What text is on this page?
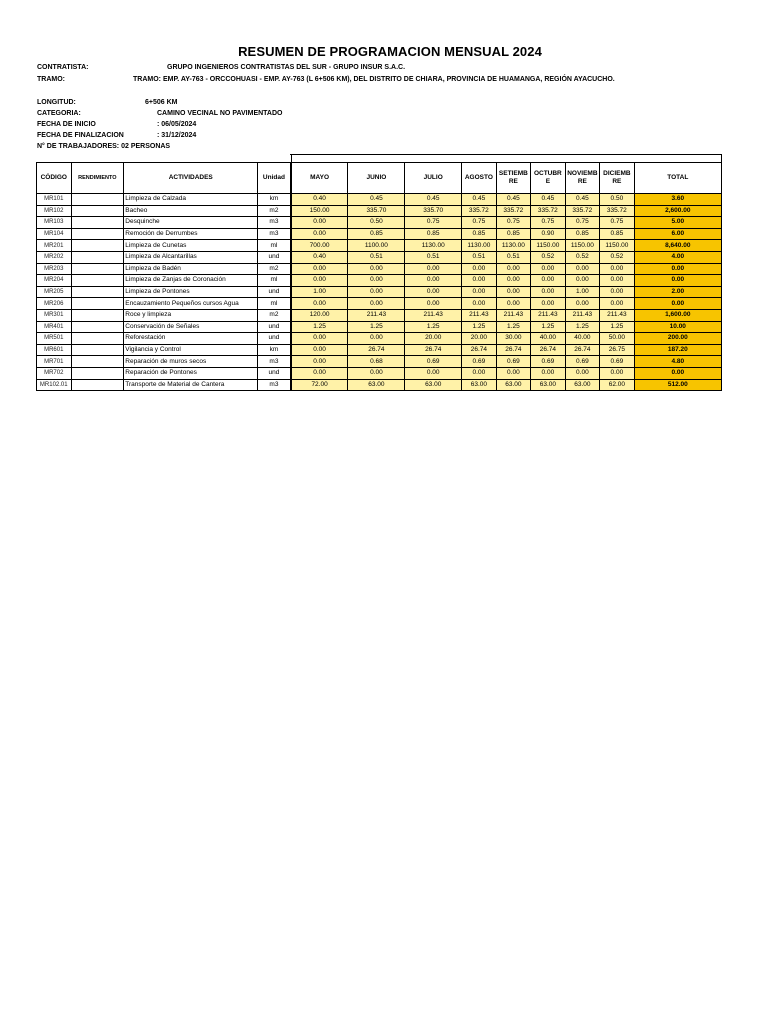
RESUMEN DE PROGRAMACION MENSUAL 2024
CONTRATISTA:	GRUPO INGENIEROS CONTRATISTAS DEL SUR - GRUPO INSUR S.A.C.
TRAMO:	TRAMO: EMP. AY-763 - ORCCOHUASI - EMP. AY-763 (L 6+506 KM), DEL DISTRITO DE CHIARA, PROVINCIA DE HUAMANGA, REGIÓN AYACUCHO.
LONGITUD:	6+506 KM
CATEGORIA:	CAMINO VECINAL NO PAVIMENTADO
FECHA DE INICIO	: 06/05/2024
FECHA DE FINALIZACION	: 31/12/2024
N° DE TRABAJADORES: 02 PERSONAS

CÓDIGO	RENDIMIENTO	ACTIVIDADES	Unidad		MAYO	JUNIO	JULIO	AGOSTO	SETIEMB RE	OCTUBR E	NOVIEMB RE	DICIEMB RE	TOTAL
MR101		Limpieza de Calzada	km		0.40	0.45	0.45	0.45	0.45	0.45	0.45	0.50	3.60
MR102		Bacheo	m2		150.00	335.70	335.70	335.72	335.72	335.72	335.72	335.72	2,600.00
MR103		Desquinche	m3		0.00	0.50	0.75	0.75	0.75	0.75	0.75	0.75	5.00
MR104		Remoción de Derrumbes	m3		0.00	0.85	0.85	0.85	0.85	0.90	0.85	0.85	6.00
MR201		Limpieza de Cunetas	ml		700.00	1100.00	1130.00	1130.00	1130.00	1150.00	1150.00	1150.00	8,640.00
MR202		Limpieza de Alcantarillas	und		0.40	0.51	0.51	0.51	0.51	0.52	0.52	0.52	4.00
MR203		Limpieza de Badén	m2		0.00	0.00	0.00	0.00	0.00	0.00	0.00	0.00	0.00
MR204		Limpieza de Zanjas de Coronación	ml		0.00	0.00	0.00	0.00	0.00	0.00	0.00	0.00	0.00
MR205		Limpieza de Pontones	und		1.00	0.00	0.00	0.00	0.00	0.00	1.00	0.00	2.00
MR206		Encauzamiento Pequeños cursos Agua	ml		0.00	0.00	0.00	0.00	0.00	0.00	0.00	0.00	0.00
MR301		Roce y limpieza	m2		120.00	211.43	211.43	211.43	211.43	211.43	211.43	211.43	1,600.00
MR401		Conservación de Señales	und		1.25	1.25	1.25	1.25	1.25	1.25	1.25	1.25	10.00
MR501		Reforestación	und		0.00	0.00	20.00	20.00	30.00	40.00	40.00	50.00	200.00
MR601		Vigilancia y Control	km		0.00	26.74	26.74	26.74	26.74	26.74	26.74	26.75	187.20
MR701		Reparación de muros secos	m3		0.00	0.68	0.69	0.69	0.69	0.69	0.69	0.69	4.80
MR702		Reparación de Pontones	und		0.00	0.00	0.00	0.00	0.00	0.00	0.00	0.00	0.00
MR102.01		Transporte de Material de Cantera	m3		72.00	63.00	63.00	63.00	63.00	63.00	63.00	62.00	512.00
